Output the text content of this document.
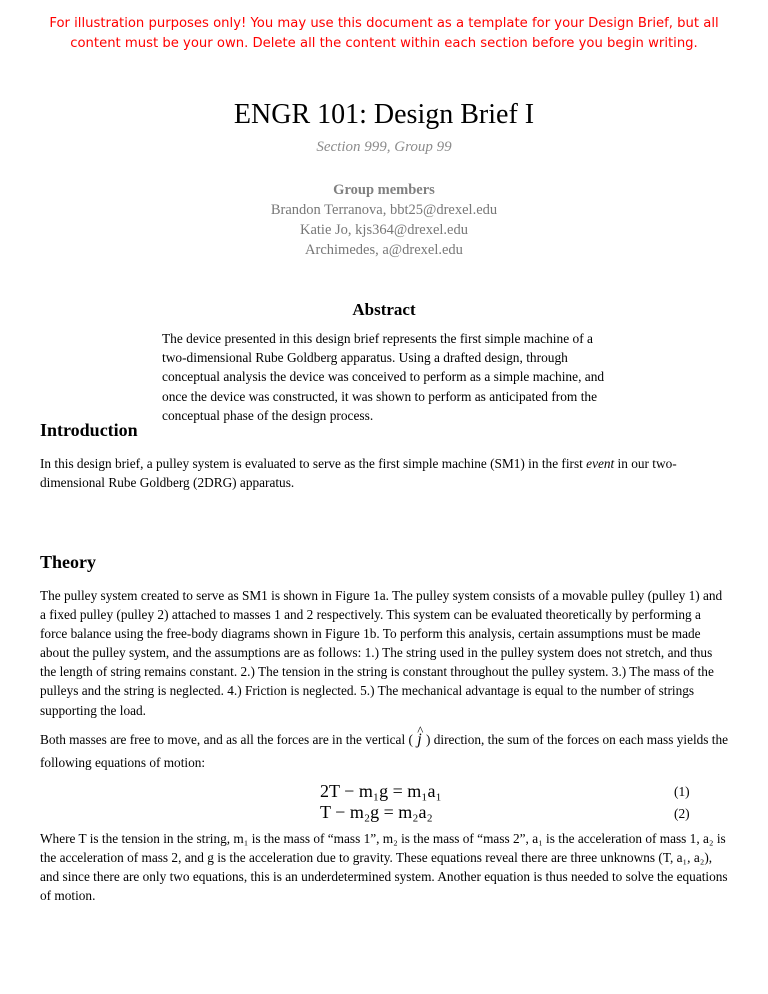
For illustration purposes only! You may use this document as a template for your Design Brief, but all
content must be your own. Delete all the content within each section before you begin writing.
ENGR 101: Design Brief I
Section 999, Group 99
Group members
Brandon Terranova, bbt25@drexel.edu
Katie Jo, kjs364@drexel.edu
Archimedes, a@drexel.edu
Abstract
The device presented in this design brief represents the first simple machine of a two-dimensional Rube Goldberg apparatus. Using a drafted design, through conceptual analysis the device was conceived to perform as a simple machine, and once the device was constructed, it was shown to perform as anticipated from the conceptual phase of the design process.
Introduction
In this design brief, a pulley system is evaluated to serve as the first simple machine (SM1) in the first event in our two-dimensional Rube Goldberg (2DRG) apparatus.
Theory
The pulley system created to serve as SM1 is shown in Figure 1a. The pulley system consists of a movable pulley (pulley 1) and a fixed pulley (pulley 2) attached to masses 1 and 2 respectively. This system can be evaluated theoretically by performing a force balance using the free-body diagrams shown in Figure 1b. To perform this analysis, certain assumptions must be made about the pulley system, and the assumptions are as follows: 1.) The string used in the pulley system does not stretch, and thus the length of string remains constant. 2.) The tension in the string is constant throughout the pulley system. 3.) The mass of the pulleys and the string is neglected. 4.) Friction is neglected. 5.) The mechanical advantage is equal to the number of strings supporting the load.
Both masses are free to move, and as all the forces are in the vertical ( ^ j ) direction, the sum of the forces on each mass yields the following equations of motion:
2T − m₁g = m₁a₁	(1)
T − m₂g = m₂a₂	(2)
Where T is the tension in the string, m₁ is the mass of “mass 1”, m₂ is the mass of “mass 2”, a₁ is the acceleration of mass 1, a₂ is the acceleration of mass 2, and g is the acceleration due to gravity. These equations reveal there are three unknowns (T, a₁, a₂), and since there are only two equations, this is an underdetermined system. Another equation is thus needed to solve the equations of motion.
